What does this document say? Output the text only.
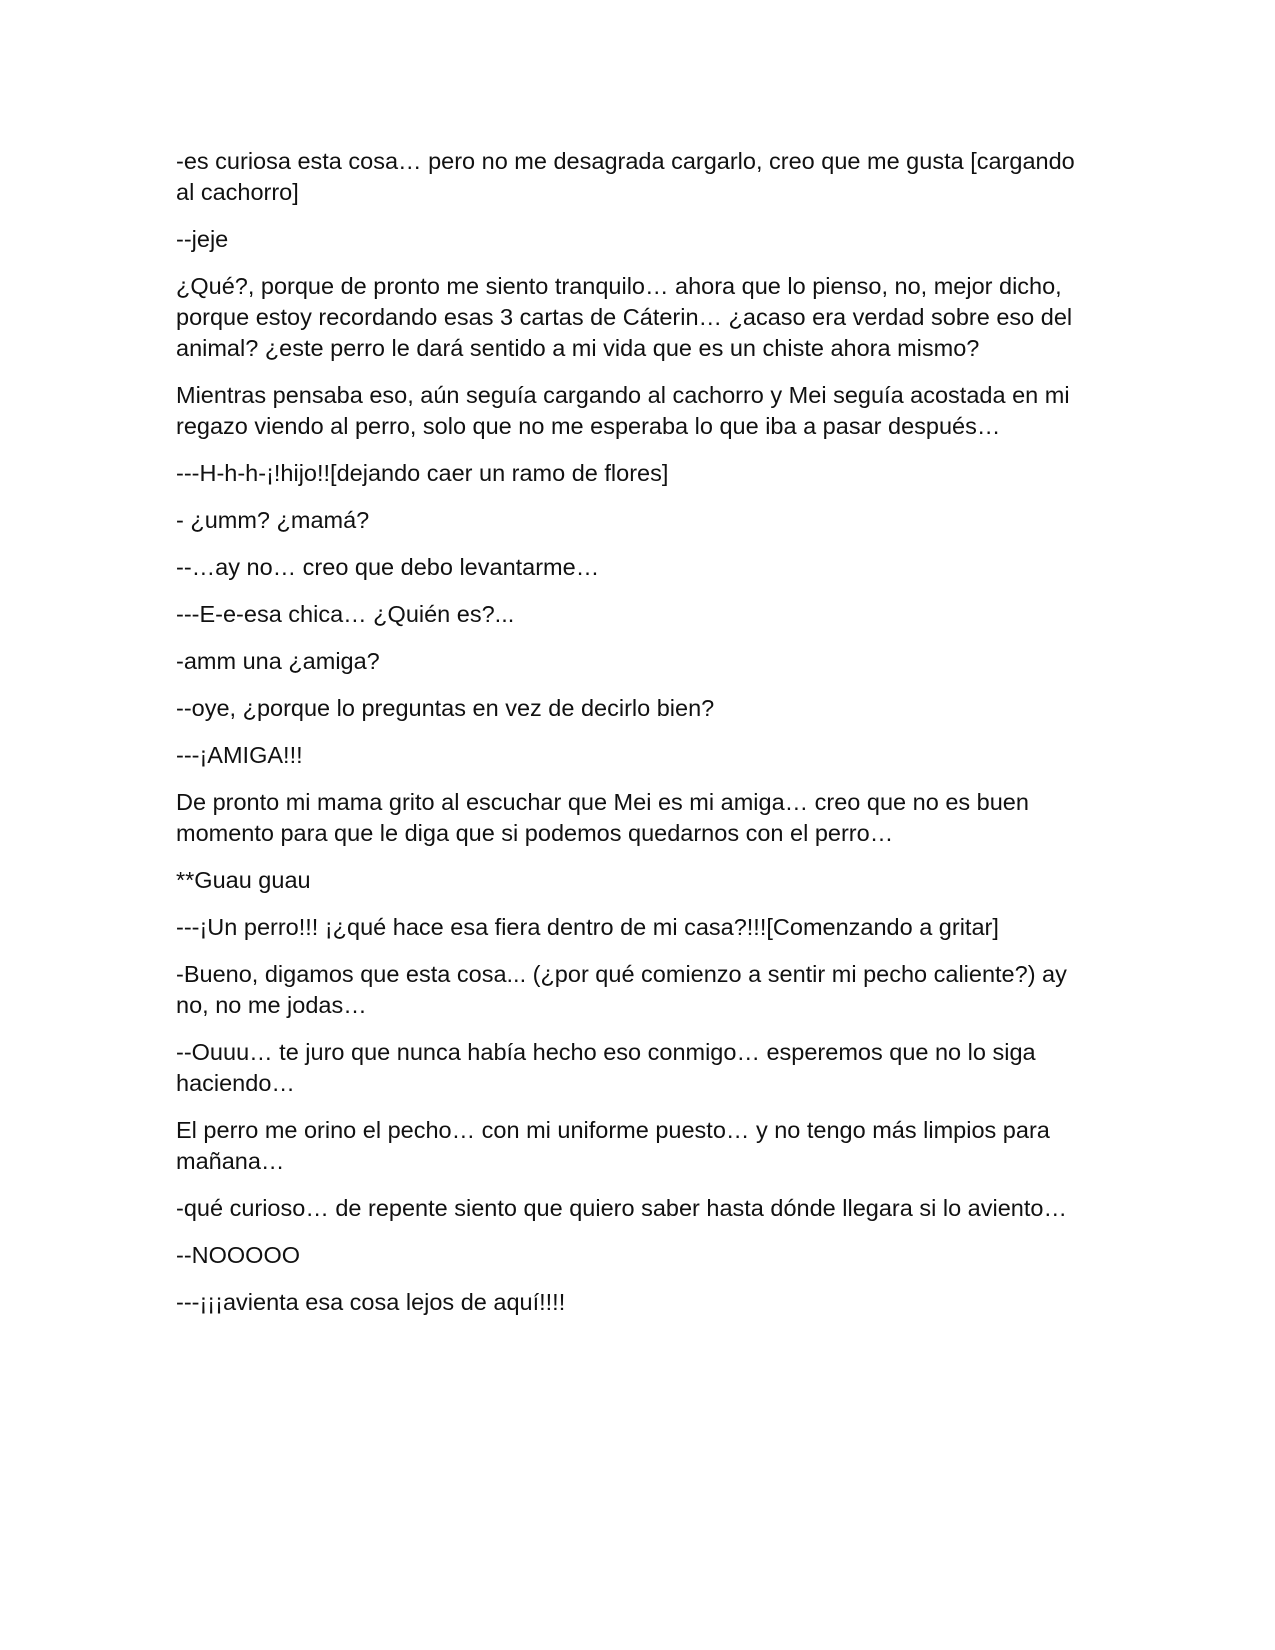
-es curiosa esta cosa… pero no me desagrada cargarlo, creo que me gusta [cargando al cachorro]

--jeje

¿Qué?, porque de pronto me siento tranquilo… ahora que lo pienso, no, mejor dicho, porque estoy recordando esas 3 cartas de Cáterin… ¿acaso era verdad sobre eso del animal? ¿este perro le dará sentido a mi vida que es un chiste ahora mismo?

Mientras pensaba eso, aún seguía cargando al cachorro y Mei seguía acostada en mi regazo viendo al perro, solo que no me esperaba lo que iba a pasar después…

---H-h-h-¡!hijo!![dejando caer un ramo de flores]

- ¿umm? ¿mamá?

--…ay no… creo que debo levantarme…

---E-e-esa chica… ¿Quién es?...

-amm una ¿amiga?

--oye, ¿porque lo preguntas en vez de decirlo bien?

---¡AMIGA!!!

De pronto mi mama grito al escuchar que Mei es mi amiga… creo que no es buen momento para que le diga que si podemos quedarnos con el perro…

**Guau guau

---¡Un perro!!! ¡¿qué hace esa fiera dentro de mi casa?!!![Comenzando a gritar]

-Bueno, digamos que esta cosa... (¿por qué comienzo a sentir mi pecho caliente?) ay no, no me jodas…

--Ouuu… te juro que nunca había hecho eso conmigo… esperemos que no lo siga haciendo…

El perro me orino el pecho… con mi uniforme puesto… y no tengo más limpios para mañana…

-qué curioso… de repente siento que quiero saber hasta dónde llegara si lo aviento…

--NOOOOO

---¡¡¡avienta esa cosa lejos de aquí!!!!
